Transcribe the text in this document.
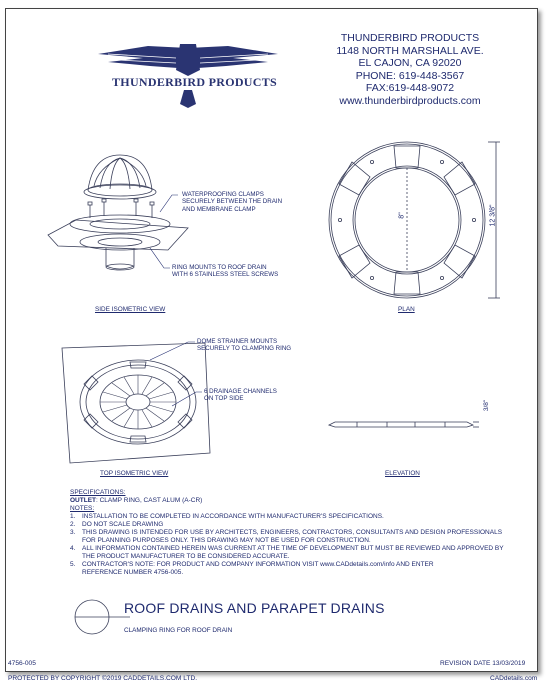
THUNDERBIRD PRODUCTS
THUNDERBIRD PRODUCTS
1148 NORTH MARSHALL AVE.
EL CAJON, CA 92020
PHONE: 619-448-3567
FAX:619-448-9072
www.thunderbirdproducts.com
WATERPROOFING CLAMPS
SECURELY BETWEEN THE DRAIN
AND MEMBRANE CLAMP
RING MOUNTS TO ROOF DRAIN
WITH 6 STAINLESS STEEL SCREWS
SIDE ISOMETRIC VIEW
8"	12 3/8"
PLAN
DOME STRAINER MOUNTS
SECURELY TO CLAMPING RING
6 DRAINAGE CHANNELS
ON TOP SIDE
TOP ISOMETRIC VIEW
3/8"
ELEVATION
SPECIFICATIONS:
OUTLET : CLAMP RING, CAST ALUM (A-CR)
NOTES:
1.	INSTALLATION TO BE COMPLETED IN ACCORDANCE WITH MANUFACTURER'S SPECIFICATIONS.
2.	DO NOT SCALE DRAWING
3.	THIS DRAWING IS INTENDED FOR USE BY ARCHITECTS, ENGINEERS, CONTRACTORS, CONSULTANTS AND DESIGN PROFESSIONALS
FOR PLANNING PURPOSES ONLY. THIS DRAWING MAY NOT BE USED FOR CONSTRUCTION.
4.	ALL INFORMATION CONTAINED HEREIN WAS CURRENT AT THE TIME OF DEVELOPMENT BUT MUST BE REVIEWED AND APPROVED BY
THE PRODUCT MANUFACTURER TO BE CONSIDERED ACCURATE.
5.	CONTRACTOR'S NOTE: FOR PRODUCT AND COMPANY INFORMATION VISIT www.CADdetails.com/info AND ENTER
REFERENCE NUMBER 4756-005.
ROOF DRAINS AND PARAPET DRAINS
CLAMPING RING FOR ROOF DRAIN
4756-005	REVISION DATE 13/03/2019
PROTECTED BY COPYRIGHT ©2019 CADDETAILS.COM LTD.	CADdetails.com
